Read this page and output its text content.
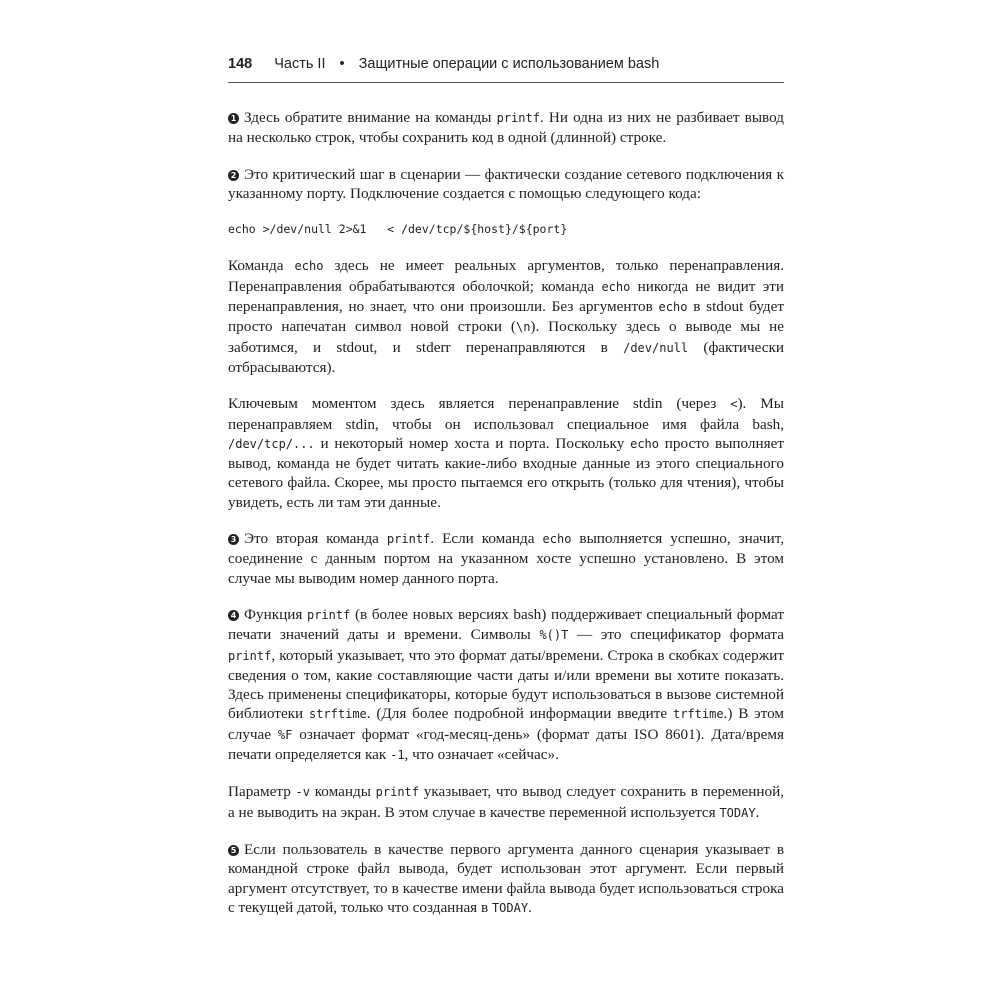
148 Часть II • Защитные операции с использованием bash

1 Здесь обратите внимание на команды printf. Ни одна из них не разбивает вывод на несколько строк, чтобы сохранить код в одной (длинной) строке.

2 Это критический шаг в сценарии — фактически создание сетевого подключения к указанному порту. Подключение создается с помощью следующего кода:

echo >/dev/null 2>&1   < /dev/tcp/${host}/${port}

Команда echo здесь не имеет реальных аргументов, только перенаправления. Перенаправления обрабатываются оболочкой; команда echo никогда не видит эти перенаправления, но знает, что они произошли. Без аргументов echo в stdout будет просто напечатан символ новой строки (\n). Поскольку здесь о выводе мы не заботимся, и stdout, и stderr перенаправляются в /dev/null (фактически отбрасываются).

Ключевым моментом здесь является перенаправление stdin (через <). Мы перенаправляем stdin, чтобы он использовал специальное имя файла bash, /dev/tcp/... и некоторый номер хоста и порта. Поскольку echo просто выполняет вывод, команда не будет читать какие-либо входные данные из этого специального сетевого файла. Скорее, мы просто пытаемся его открыть (только для чтения), чтобы увидеть, есть ли там эти данные.

3 Это вторая команда printf. Если команда echo выполняется успешно, значит, соединение с данным портом на указанном хосте успешно установлено. В этом случае мы выводим номер данного порта.

4 Функция printf (в более новых версиях bash) поддерживает специальный формат печати значений даты и времени. Символы %()T — это спецификатор формата printf, который указывает, что это формат даты/времени. Строка в скобках содержит сведения о том, какие составляющие части даты и/или времени вы хотите показать. Здесь применены спецификаторы, которые будут использоваться в вызове системной библиотеки strftime. (Для более подробной информации введите trftime.) В этом случае %F означает формат «год-месяц-день» (формат даты ISO 8601). Дата/время печати определяется как -1, что означает «сейчас».

Параметр -v команды printf указывает, что вывод следует сохранить в переменной, а не выводить на экран. В этом случае в качестве переменной используется TODAY.

5 Если пользователь в качестве первого аргумента данного сценария указывает в командной строке файл вывода, будет использован этот аргумент. Если первый аргумент отсутствует, то в качестве имени файла вывода будет использоваться строка с текущей датой, только что созданная в TODAY.
